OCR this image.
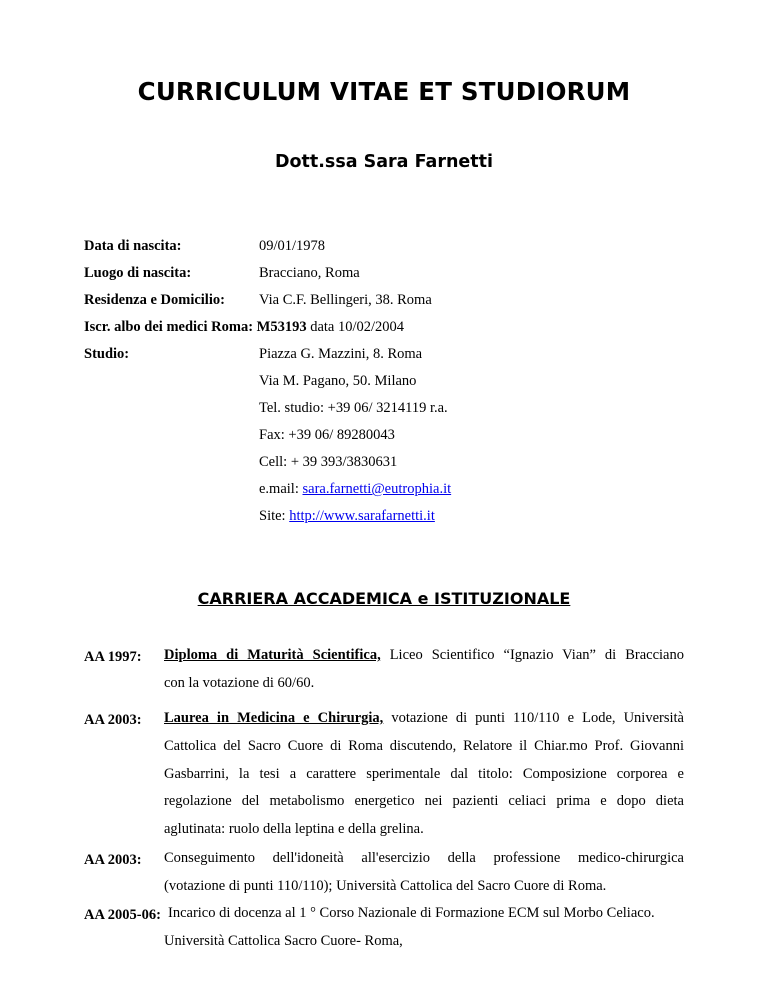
CURRICULUM VITAE ET STUDIORUM
Dott.ssa Sara Farnetti
Data di nascita:	09/01/1978
Luogo di nascita:	Bracciano, Roma
Residenza e Domicilio: Via C.F. Bellingeri, 38. Roma
Iscr. albo dei medici Roma: M53193 data 10/02/2004
Studio:	Piazza G. Mazzini, 8. Roma
Via M. Pagano, 50. Milano
Tel. studio: +39 06/ 3214119 r.a.
Fax: +39 06/ 89280043
Cell: + 39 393/3830631
e.mail: sara.farnetti@eutrophia.it
Site: http://www.sarafarnetti.it
CARRIERA ACCADEMICA e ISTITUZIONALE
AA 1997: Diploma di Maturità Scientifica, Liceo Scientifico “Ignazio Vian” di Bracciano
con la votazione di 60/60.
AA 2003: Laurea in Medicina e Chirurgia, votazione di punti 110/110 e Lode, Università
Cattolica del Sacro Cuore di Roma discutendo, Relatore il Chiar.mo Prof. Giovanni
Gasbarrini, la tesi a carattere sperimentale dal titolo: Composizione corporea e
regolazione del metabolismo energetico nei pazienti celiaci prima e dopo dieta
aglutinata: ruolo della leptina e della grelina.
AA 2003: Conseguimento dell'idoneità all'esercizio della professione medico-chirurgica
(votazione di punti 110/110); Università Cattolica del Sacro Cuore di Roma.
AA 2005-06: Incarico di docenza al 1 ° Corso Nazionale di Formazione ECM sul Morbo Celiaco.
Università Cattolica Sacro Cuore- Roma,
